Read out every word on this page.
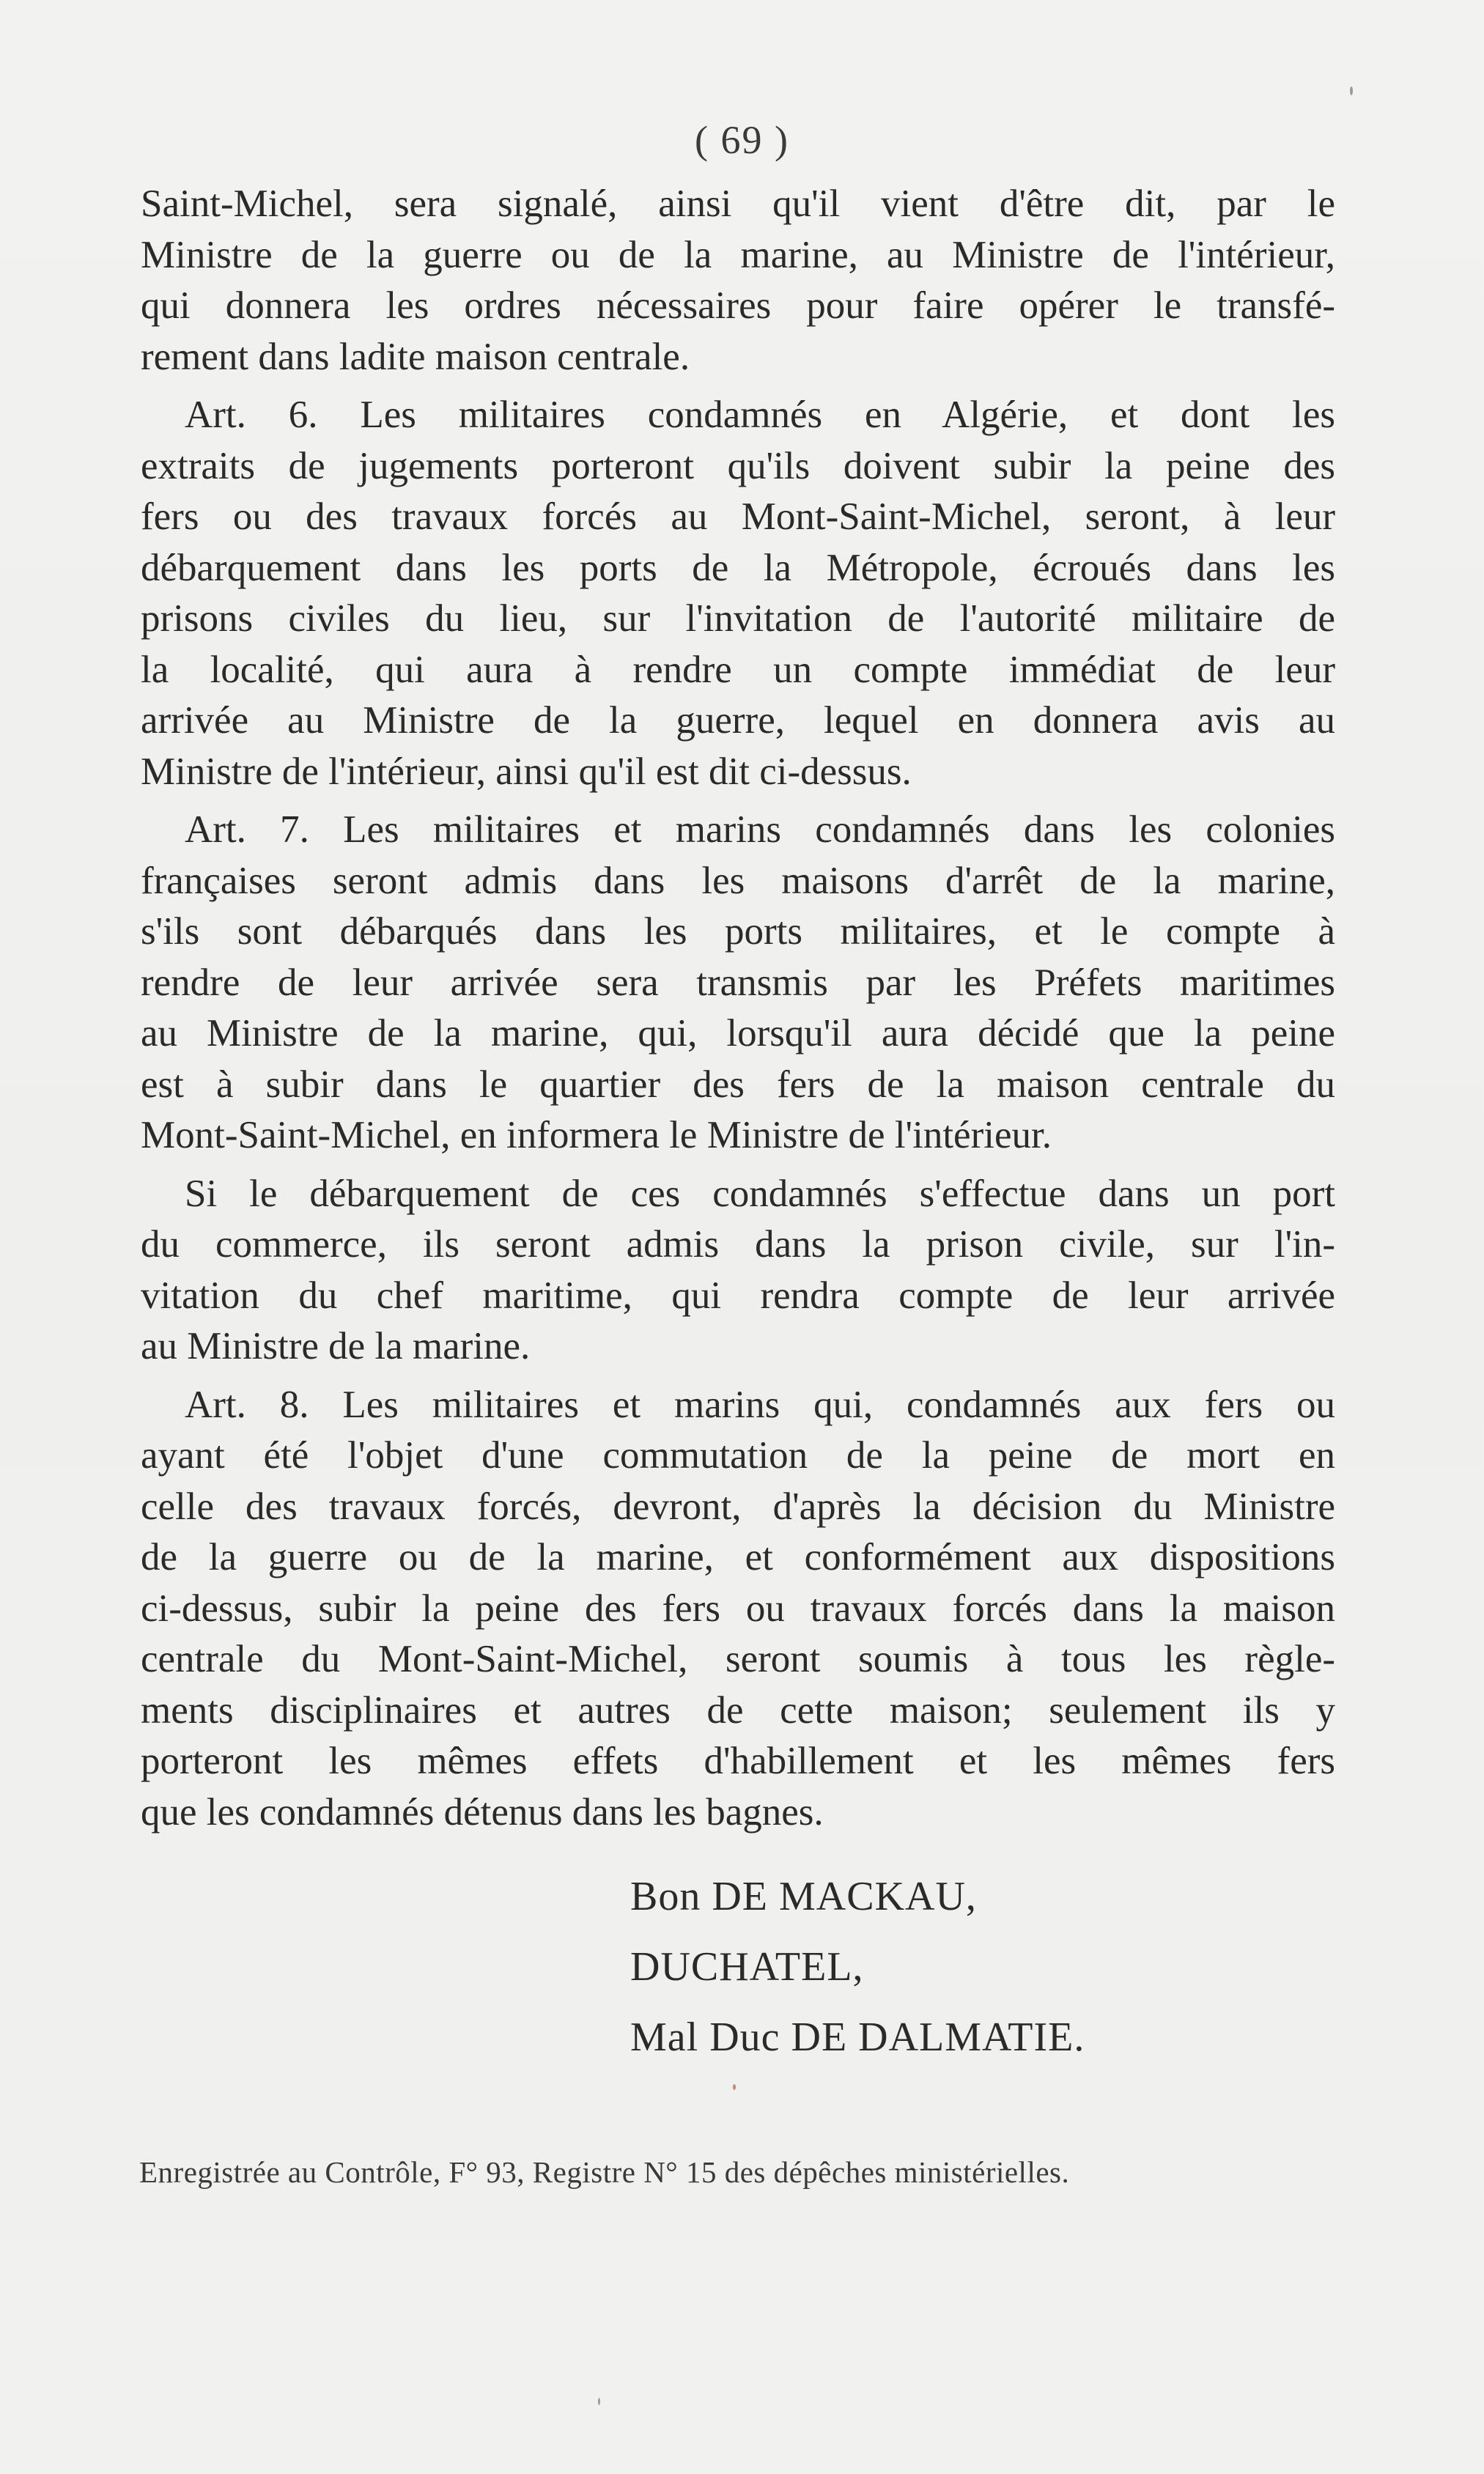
( 69 )

Saint-Michel, sera signalé, ainsi qu'il vient d'être dit, par le
Ministre de la guerre ou de la marine, au Ministre de l'intérieur,
qui donnera les ordres nécessaires pour faire opérer le transfé-
rement dans ladite maison centrale.

Art. 6. Les militaires condamnés en Algérie, et dont les
extraits de jugements porteront qu'ils doivent subir la peine des
fers ou des travaux forcés au Mont-Saint-Michel, seront, à leur
débarquement dans les ports de la Métropole, écroués dans les
prisons civiles du lieu, sur l'invitation de l'autorité militaire de
la localité, qui aura à rendre un compte immédiat de leur
arrivée au Ministre de la guerre, lequel en donnera avis au
Ministre de l'intérieur, ainsi qu'il est dit ci-dessus.

Art. 7. Les militaires et marins condamnés dans les colonies
françaises seront admis dans les maisons d'arrêt de la marine,
s'ils sont débarqués dans les ports militaires, et le compte à
rendre de leur arrivée sera transmis par les Préfets maritimes
au Ministre de la marine, qui, lorsqu'il aura décidé que la peine
est à subir dans le quartier des fers de la maison centrale du
Mont-Saint-Michel, en informera le Ministre de l'intérieur.

Si le débarquement de ces condamnés s'effectue dans un port
du commerce, ils seront admis dans la prison civile, sur l'in-
vitation du chef maritime, qui rendra compte de leur arrivée
au Ministre de la marine.

Art. 8. Les militaires et marins qui, condamnés aux fers ou
ayant été l'objet d'une commutation de la peine de mort en
celle des travaux forcés, devront, d'après la décision du Ministre
de la guerre ou de la marine, et conformément aux dispositions
ci-dessus, subir la peine des fers ou travaux forcés dans la maison
centrale du Mont-Saint-Michel, seront soumis à tous les règle-
ments disciplinaires et autres de cette maison; seulement ils y
porteront les mêmes effets d'habillement et les mêmes fers
que les condamnés détenus dans les bagnes.

Bon DE MACKAU,
DUCHATEL,
Mal Duc DE DALMATIE.
Enregistrée au Contrôle, F° 93, Registre N° 15 des dépêches ministérielles.
